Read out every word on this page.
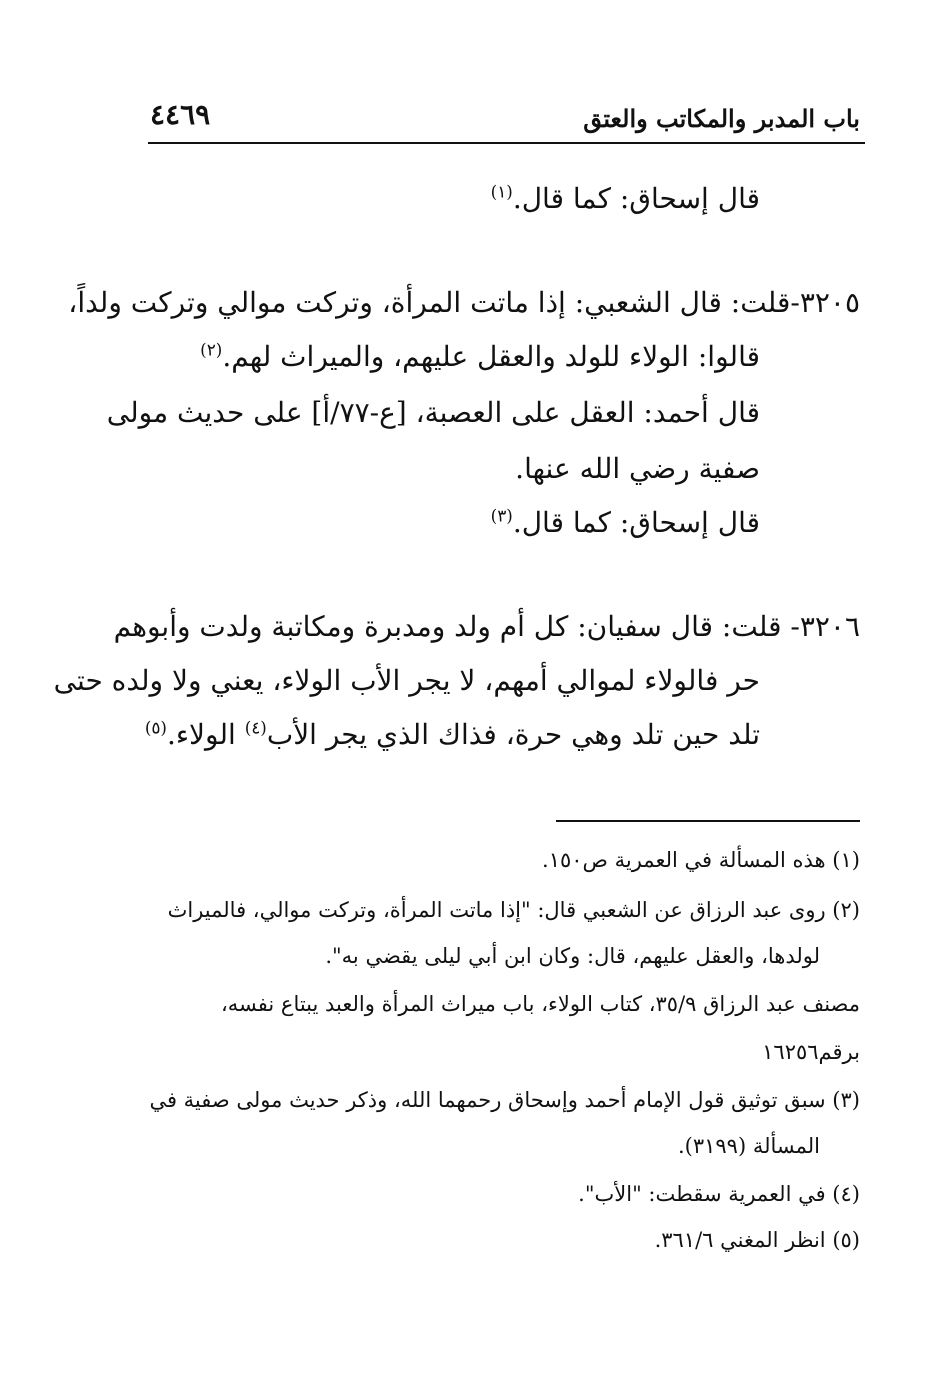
باب المدبر والمكاتب والعتق
٤٤٦٩
قال إسحاق: كما قال.$^{(١)}$
٣٢٠٥-قلت: قال الشعبي: إذا ماتت المرأة، وتركت موالي وتركت ولداً،
قالوا: الولاء للولد والعقل عليهم، والميراث لهم.$^{(٢)}$
قال أحمد: العقل على العصبة، [ع-٧٧/أ] على حديث مولى
صفية رضي الله عنها.
قال إسحاق: كما قال.$^{(٣)}$
٣٢٠٦- قلت: قال سفيان: كل أم ولد ومدبرة ومكاتبة ولدت وأبوهم
حر فالولاء لموالي أمهم، لا يجر الأب الولاء، يعني ولا ولده حتى
تلد حين تلد وهي حرة، فذاك الذي يجر الأب$^{(٤)}$ الولاء.$^{(٥)}$
(١) هذه المسألة في العمرية ص١٥٠.
(٢) روى عبد الرزاق عن الشعبي قال: "إذا ماتت المرأة، وتركت موالي، فالميراث
لولدها، والعقل عليهم، قال: وكان ابن أبي ليلى يقضي به".
مصنف عبد الرزاق ٣٥/٩، كتاب الولاء، باب ميراث المرأة والعبد يبتاع نفسه،
برقم١٦٢٥٦
(٣) سبق توثيق قول الإمام أحمد وإسحاق رحمهما الله، وذكر حديث مولى صفية في
المسألة (٣١٩٩).
(٤) في العمرية سقطت: "الأب".
(٥) انظر المغني ٣٦١/٦.
